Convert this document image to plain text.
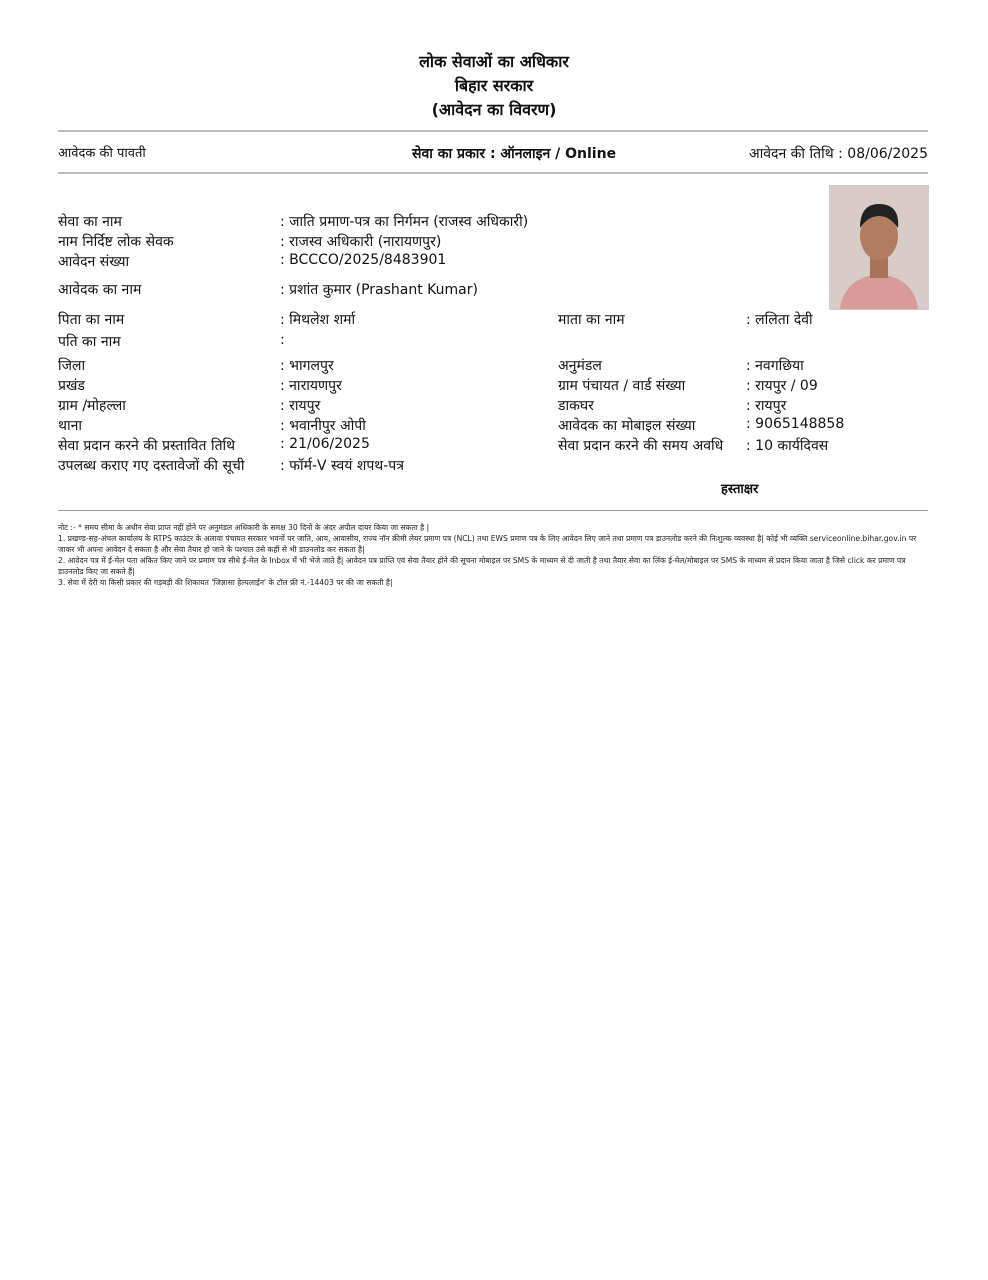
लोक सेवाओं का अधिकार
बिहार सरकार
(आवेदन का विवरण)
आवेदक की पावती	सेवा का प्रकार : ऑनलाइन / Online	आवेदन की तिथि : 08/06/2025
सेवा का नाम	: जाति प्रमाण-पत्र का निर्गमन (राजस्व अधिकारी)
नाम निर्दिष्ट लोक सेवक	: राजस्व अधिकारी (नारायणपुर)
आवेदन संख्या	: BCCCO/2025/8483901
आवेदक का नाम	: प्रशांत कुमार (Prashant Kumar)
पिता का नाम	: मिथलेश शर्मा	माता का नाम	: ललिता देवी
पति का नाम	:
जिला	: भागलपुर	अनुमंडल	: नवगछिया
प्रखंड	: नारायणपुर	ग्राम पंचायत / वार्ड संख्या	: रायपुर / 09
ग्राम /मोहल्ला	: रायपुर	डाकघर	: रायपुर
थाना	: भवानीपुर ओपी	आवेदक का मोबाइल संख्या	: 9065148858
सेवा प्रदान करने की प्रस्तावित तिथि	: 21/06/2025	सेवा प्रदान करने की समय अवधि : 10 कार्यदिवस
उपलब्ध कराए गए दस्तावेजों की सूची	: फॉर्म-V स्वयं शपथ-पत्र
हस्ताक्षर
नोट :- * समय सीमा के अधीन सेवा प्राप्त नहीं होने पर अनुमंडल अधिकारी के समक्ष 30 दिनों के अंदर अपील दायर किया जा सकता है |
1. प्रखण्ड-सह-अंचल कार्यालय के RTPS काउंटर के अलावा पंचायत सरकार भवनों पर जाति, आय, आवासीय, राज्य नॉन क्रीमी लेयर प्रमाण पत्र (NCL) तथा EWS प्रमाण पत्र के लिए आवेदन लिए जाने तथा प्रमाण पत्र डाउनलोड करने की निःशुल्क व्यवस्था है| कोई भी व्यक्ति serviceonline.bihar.gov.in पर जाकर भी अपना आवेदन दे सकता है और सेवा तैयार हो जाने के पश्चात उसे कहीं से भी डाउनलोड कर सकता है|
2. आवेदन पत्र में ई-मेल पता अंकित किए जाने पर प्रमाण पत्र सीधे ई-मेल के Inbox में भी भेजे जाते हैं| आवेदन पत्र प्राप्ति एवं सेवा तैयार होने की सूचना मोबाइल पर SMS के माध्यम से दी जाती है तथा तैयार सेवा का लिंक ई-मेल/मोबाइल पर SMS के माध्यम से प्रदान किया जाता है जिसे click कर प्रमाण पत्र डाउनलोड किए जा सकते हैं|
3. सेवा में देरी या किसी प्रकार की गड़बड़ी की शिकायत 'जिज्ञासा हेल्पलाईन' के टॉल फ्री नं.-14403 पर की जा सकती है|
